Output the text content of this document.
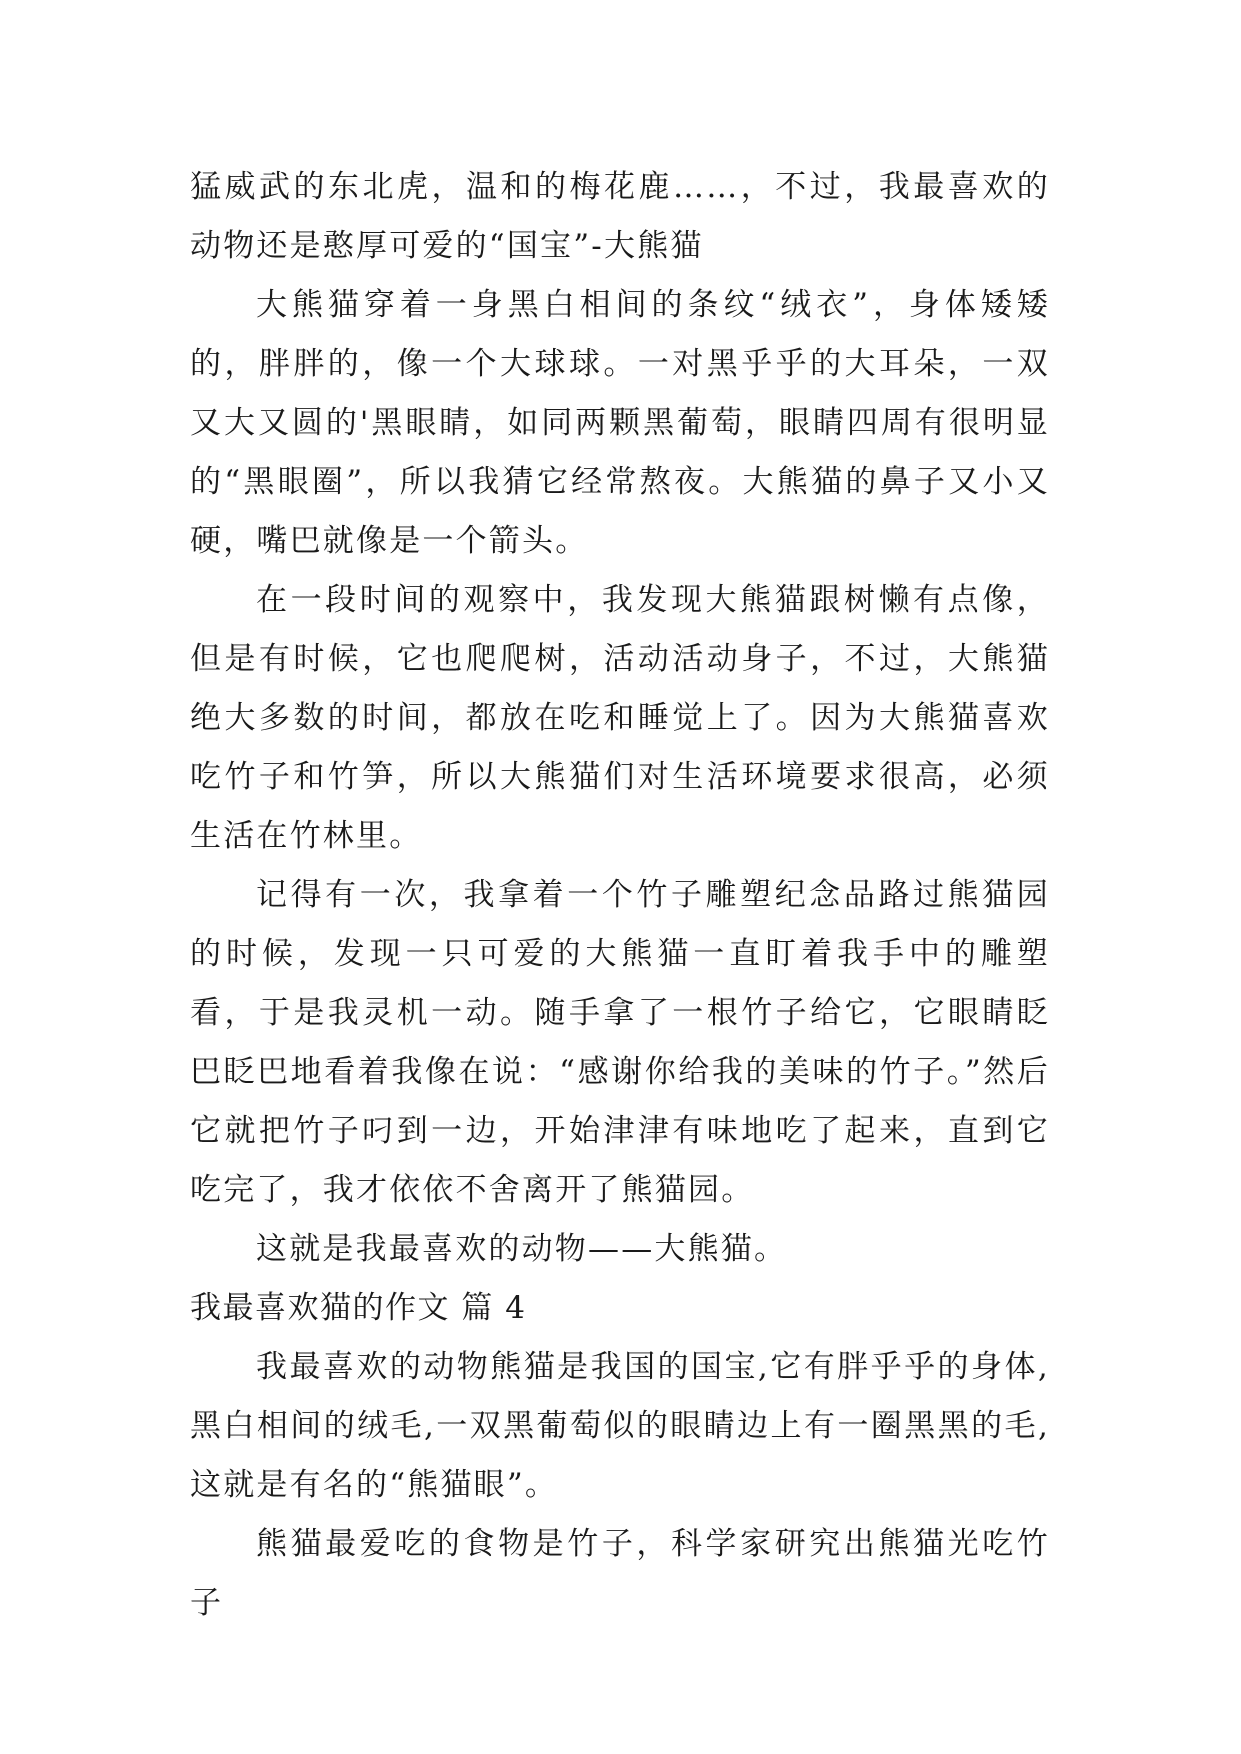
猛威武的东北虎，温和的梅花鹿……，不过，我最喜欢的动物还是憨厚可爱的“国宝”-大熊猫

大熊猫穿着一身黑白相间的条纹“绒衣”，身体矮矮的，胖胖的，像一个大球球。一对黑乎乎的大耳朵，一双又大又圆的'黑眼睛，如同两颗黑葡萄，眼睛四周有很明显的“黑眼圈”，所以我猜它经常熬夜。大熊猫的鼻子又小又硬，嘴巴就像是一个箭头。

在一段时间的观察中，我发现大熊猫跟树懒有点像，但是有时候，它也爬爬树，活动活动身子，不过，大熊猫绝大多数的时间，都放在吃和睡觉上了。因为大熊猫喜欢吃竹子和竹笋，所以大熊猫们对生活环境要求很高，必须生活在竹林里。

记得有一次，我拿着一个竹子雕塑纪念品路过熊猫园的时候，发现一只可爱的大熊猫一直盯着我手中的雕塑看，于是我灵机一动。随手拿了一根竹子给它，它眼睛眨巴眨巴地看着我像在说：“感谢你给我的美味的竹子。”然后它就把竹子叼到一边，开始津津有味地吃了起来，直到它吃完了，我才依依不舍离开了熊猫园。

这就是我最喜欢的动物——大熊猫。

我最喜欢猫的作文 篇 4

我最喜欢的动物熊猫是我国的国宝,它有胖乎乎的身体,黑白相间的绒毛,一双黑葡萄似的眼睛边上有一圈黑黑的毛,这就是有名的“熊猫眼”。

熊猫最爱吃的食物是竹子，科学家研究出熊猫光吃竹子
